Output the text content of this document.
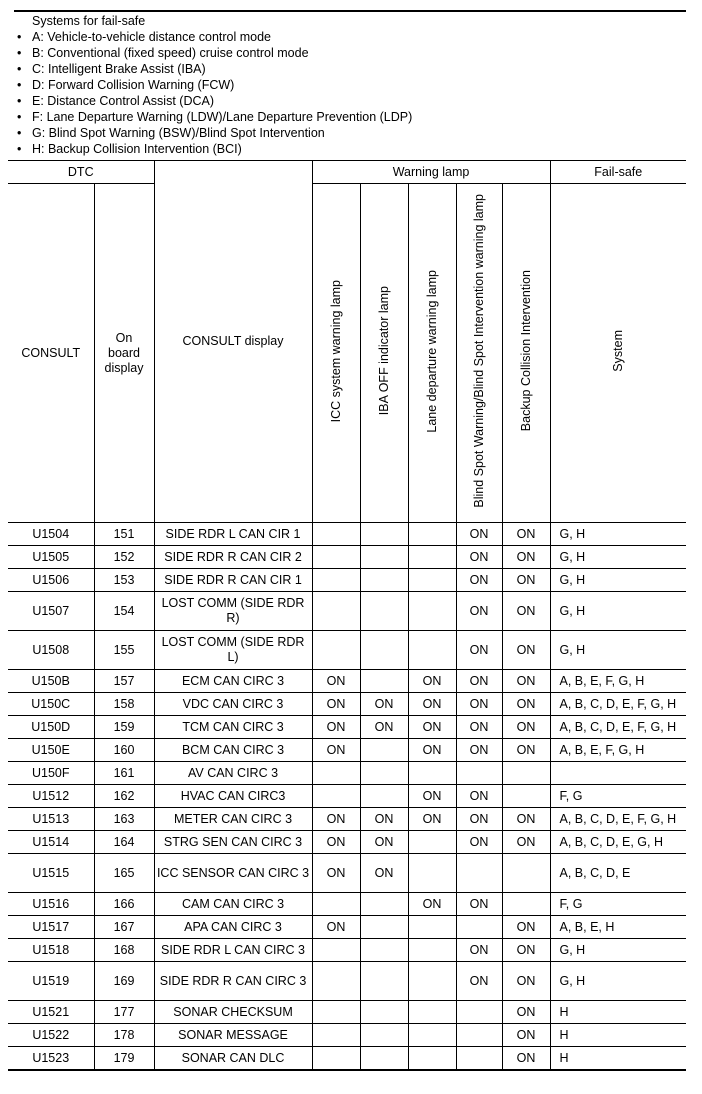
Systems for fail-safe
• A: Vehicle-to-vehicle distance control mode
• B: Conventional (fixed speed) cruise control mode
• C: Intelligent Brake Assist (IBA)
• D: Forward Collision Warning (FCW)
• E: Distance Control Assist (DCA)
• F: Lane Departure Warning (LDW)/Lane Departure Prevention (LDP)
• G: Blind Spot Warning (BSW)/Blind Spot Intervention
• H: Backup Collision Intervention (BCI)
DTC		CONSULT display	Warning lamp					Fail-safe
CONSULT	On board display		ICC system warning lamp	IBA OFF indicator lamp	Lane departure warning lamp	Blind Spot Warning/Blind Spot Intervention warning lamp	Backup Collision Intervention	System
U1504	151	SIDE RDR L CAN CIR 1				ON	ON	G, H
U1505	152	SIDE RDR R CAN CIR 2				ON	ON	G, H
U1506	153	SIDE RDR R CAN CIR 1				ON	ON	G, H
U1507	154	LOST COMM (SIDE RDR R)				ON	ON	G, H
U1508	155	LOST COMM (SIDE RDR L)				ON	ON	G, H
U150B	157	ECM CAN CIRC 3	ON		ON	ON	ON	A, B, E, F, G, H
U150C	158	VDC CAN CIRC 3	ON	ON	ON	ON	ON	A, B, C, D, E, F, G, H
U150D	159	TCM CAN CIRC 3	ON	ON	ON	ON	ON	A, B, C, D, E, F, G, H
U150E	160	BCM CAN CIRC 3	ON		ON	ON	ON	A, B, E, F, G, H
U150F	161	AV CAN CIRC 3						
U1512	162	HVAC CAN CIRC3			ON	ON		F, G
U1513	163	METER CAN CIRC 3	ON	ON	ON	ON	ON	A, B, C, D, E, F, G, H
U1514	164	STRG SEN CAN CIRC 3	ON	ON		ON	ON	A, B, C, D, E, G, H
U1515	165	ICC SENSOR CAN CIRC 3	ON	ON				A, B, C, D, E
U1516	166	CAM CAN CIRC 3			ON	ON		F, G
U1517	167	APA CAN CIRC 3	ON				ON	A, B, E, H
U1518	168	SIDE RDR L CAN CIRC 3				ON	ON	G, H
U1519	169	SIDE RDR R CAN CIRC 3				ON	ON	G, H
U1521	177	SONAR CHECKSUM					ON	H
U1522	178	SONAR MESSAGE					ON	H
U1523	179	SONAR CAN DLC					ON	H
